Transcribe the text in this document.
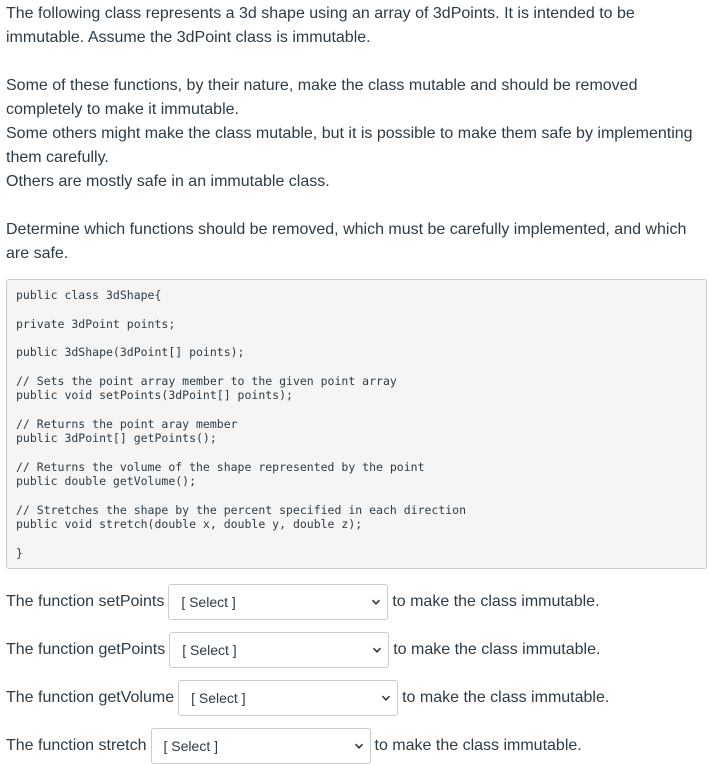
The following class represents a 3d shape using an array of 3dPoints. It is intended to be immutable. Assume the 3dPoint class is immutable.

Some of these functions, by their nature, make the class mutable and should be removed completely to make it immutable.

Some others might make the class mutable, but it is possible to make them safe by implementing them carefully.

Others are mostly safe in an immutable class.

Determine which functions should be removed, which must be carefully implemented, and which are safe.

public class 3dShape{
private 3dPoint points;
public 3dShape(3dPoint[] points);
// Sets the point array member to the given point array
public void setPoints(3dPoint[] points);
// Returns the point aray member
public 3dPoint[] getPoints();
// Returns the volume of the shape represented by the point
public double getVolume();
// Stretches the shape by the percent specified in each direction
public void stretch(double x, double y, double z);
}
The function setPoints [ Select ]	to make the class immutable.
The function getPoints [ Select ]	to make the class immutable.
The function getVolume [ Select ]	to make the class immutable.
The function stretch [ Select ]	to make the class immutable.
